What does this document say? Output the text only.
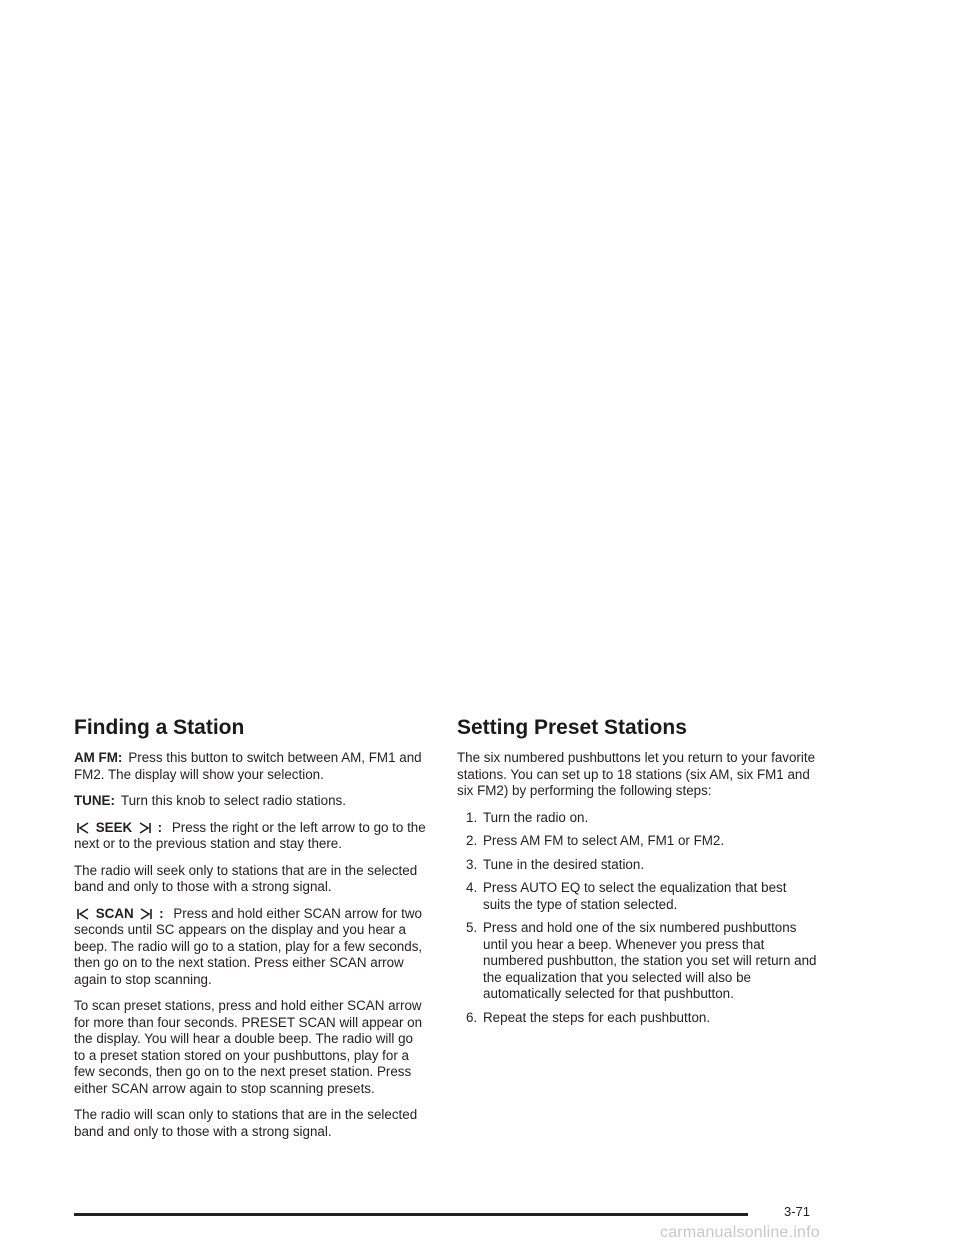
Finding a Station

AM FM: Press this button to switch between AM, FM1 and FM2. The display will show your selection.

TUNE: Turn this knob to select radio stations.

SEEK : Press the right or the left arrow to go to the next or to the previous station and stay there.

The radio will seek only to stations that are in the selected band and only to those with a strong signal.

SCAN : Press and hold either SCAN arrow for two seconds until SC appears on the display and you hear a beep. The radio will go to a station, play for a few seconds, then go on to the next station. Press either SCAN arrow again to stop scanning.

To scan preset stations, press and hold either SCAN arrow for more than four seconds. PRESET SCAN will appear on the display. You will hear a double beep. The radio will go to a preset station stored on your pushbuttons, play for a few seconds, then go on to the next preset station. Press either SCAN arrow again to stop scanning presets.

The radio will scan only to stations that are in the selected band and only to those with a strong signal.

Setting Preset Stations

The six numbered pushbuttons let you return to your favorite stations. You can set up to 18 stations (six AM, six FM1 and six FM2) by performing the following steps:

1. Turn the radio on.
2. Press AM FM to select AM, FM1 or FM2.
3. Tune in the desired station.
4. Press AUTO EQ to select the equalization that best suits the type of station selected.
5. Press and hold one of the six numbered pushbuttons until you hear a beep. Whenever you press that numbered pushbutton, the station you set will return and the equalization that you selected will also be automatically selected for that pushbutton.
6. Repeat the steps for each pushbutton.
3-71
carmanualsonline.info
